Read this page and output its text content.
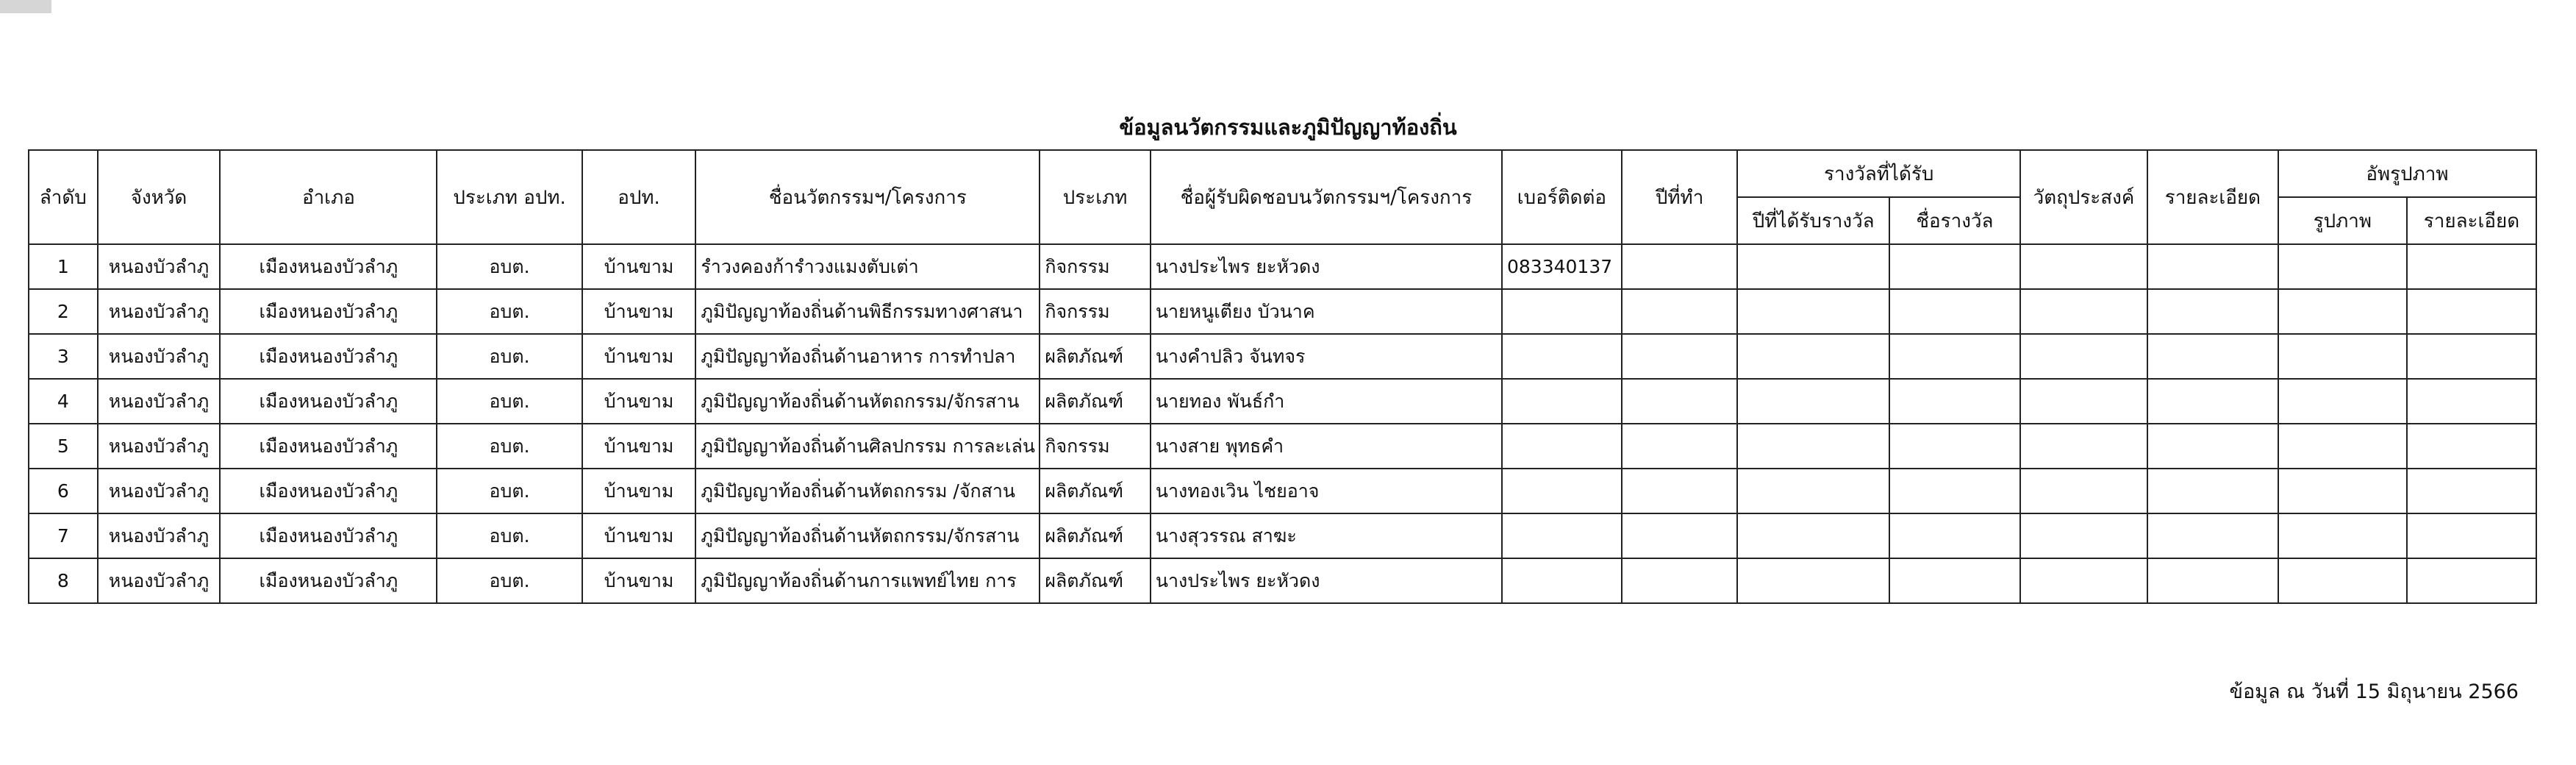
ข้อมูลนวัตกรรมและภูมิปัญญาท้องถิ่น
ลำดับ	จังหวัด	อำเภอ	ประเภท อปท.	อปท.	ชื่อนวัตกรรมฯ/โครงการ	ประเภท	ชื่อผู้รับผิดชอบนวัตกรรมฯ/โครงการ	เบอร์ติดต่อ	ปีที่ทำ	รางวัลที่ได้รับ		วัตถุประสงค์	รายละเอียด	อัพรูปภาพ	
										ปีที่ได้รับรางวัล	ชื่อรางวัล			รูปภาพ	รายละเอียด
1	หนองบัวลำภู	เมืองหนองบัวลำภู	อบต.	บ้านขาม	รำวงคองก้ารำวงแมงตับเต่า	กิจกรรม	นางประไพร ยะหัวดง	083340137							
2	หนองบัวลำภู	เมืองหนองบัวลำภู	อบต.	บ้านขาม	ภูมิปัญญาท้องถิ่นด้านพิธีกรรมทางศาสนา	กิจกรรม	นายหนูเตียง บัวนาค								
3	หนองบัวลำภู	เมืองหนองบัวลำภู	อบต.	บ้านขาม	ภูมิปัญญาท้องถิ่นด้านอาหาร การทำปลา	ผลิตภัณฑ์	นางคำปลิว จันทจร								
4	หนองบัวลำภู	เมืองหนองบัวลำภู	อบต.	บ้านขาม	ภูมิปัญญาท้องถิ่นด้านหัตถกรรม/จักรสาน	ผลิตภัณฑ์	นายทอง พันธ์กำ								
5	หนองบัวลำภู	เมืองหนองบัวลำภู	อบต.	บ้านขาม	ภูมิปัญญาท้องถิ่นด้านศิลปกรรม การละเล่น	กิจกรรม	นางสาย พุทธคำ								
6	หนองบัวลำภู	เมืองหนองบัวลำภู	อบต.	บ้านขาม	ภูมิปัญญาท้องถิ่นด้านหัตถกรรม /จักสาน	ผลิตภัณฑ์	นางทองเวิน ไชยอาจ								
7	หนองบัวลำภู	เมืองหนองบัวลำภู	อบต.	บ้านขาม	ภูมิปัญญาท้องถิ่นด้านหัตถกรรม/จักรสาน	ผลิตภัณฑ์	นางสุวรรณ สาฆะ								
8	หนองบัวลำภู	เมืองหนองบัวลำภู	อบต.	บ้านขาม	ภูมิปัญญาท้องถิ่นด้านการแพทย์ไทย การ	ผลิตภัณฑ์	นางประไพร ยะหัวดง								
ข้อมูล ณ วันที่ 15 มิถุนายน 2566
